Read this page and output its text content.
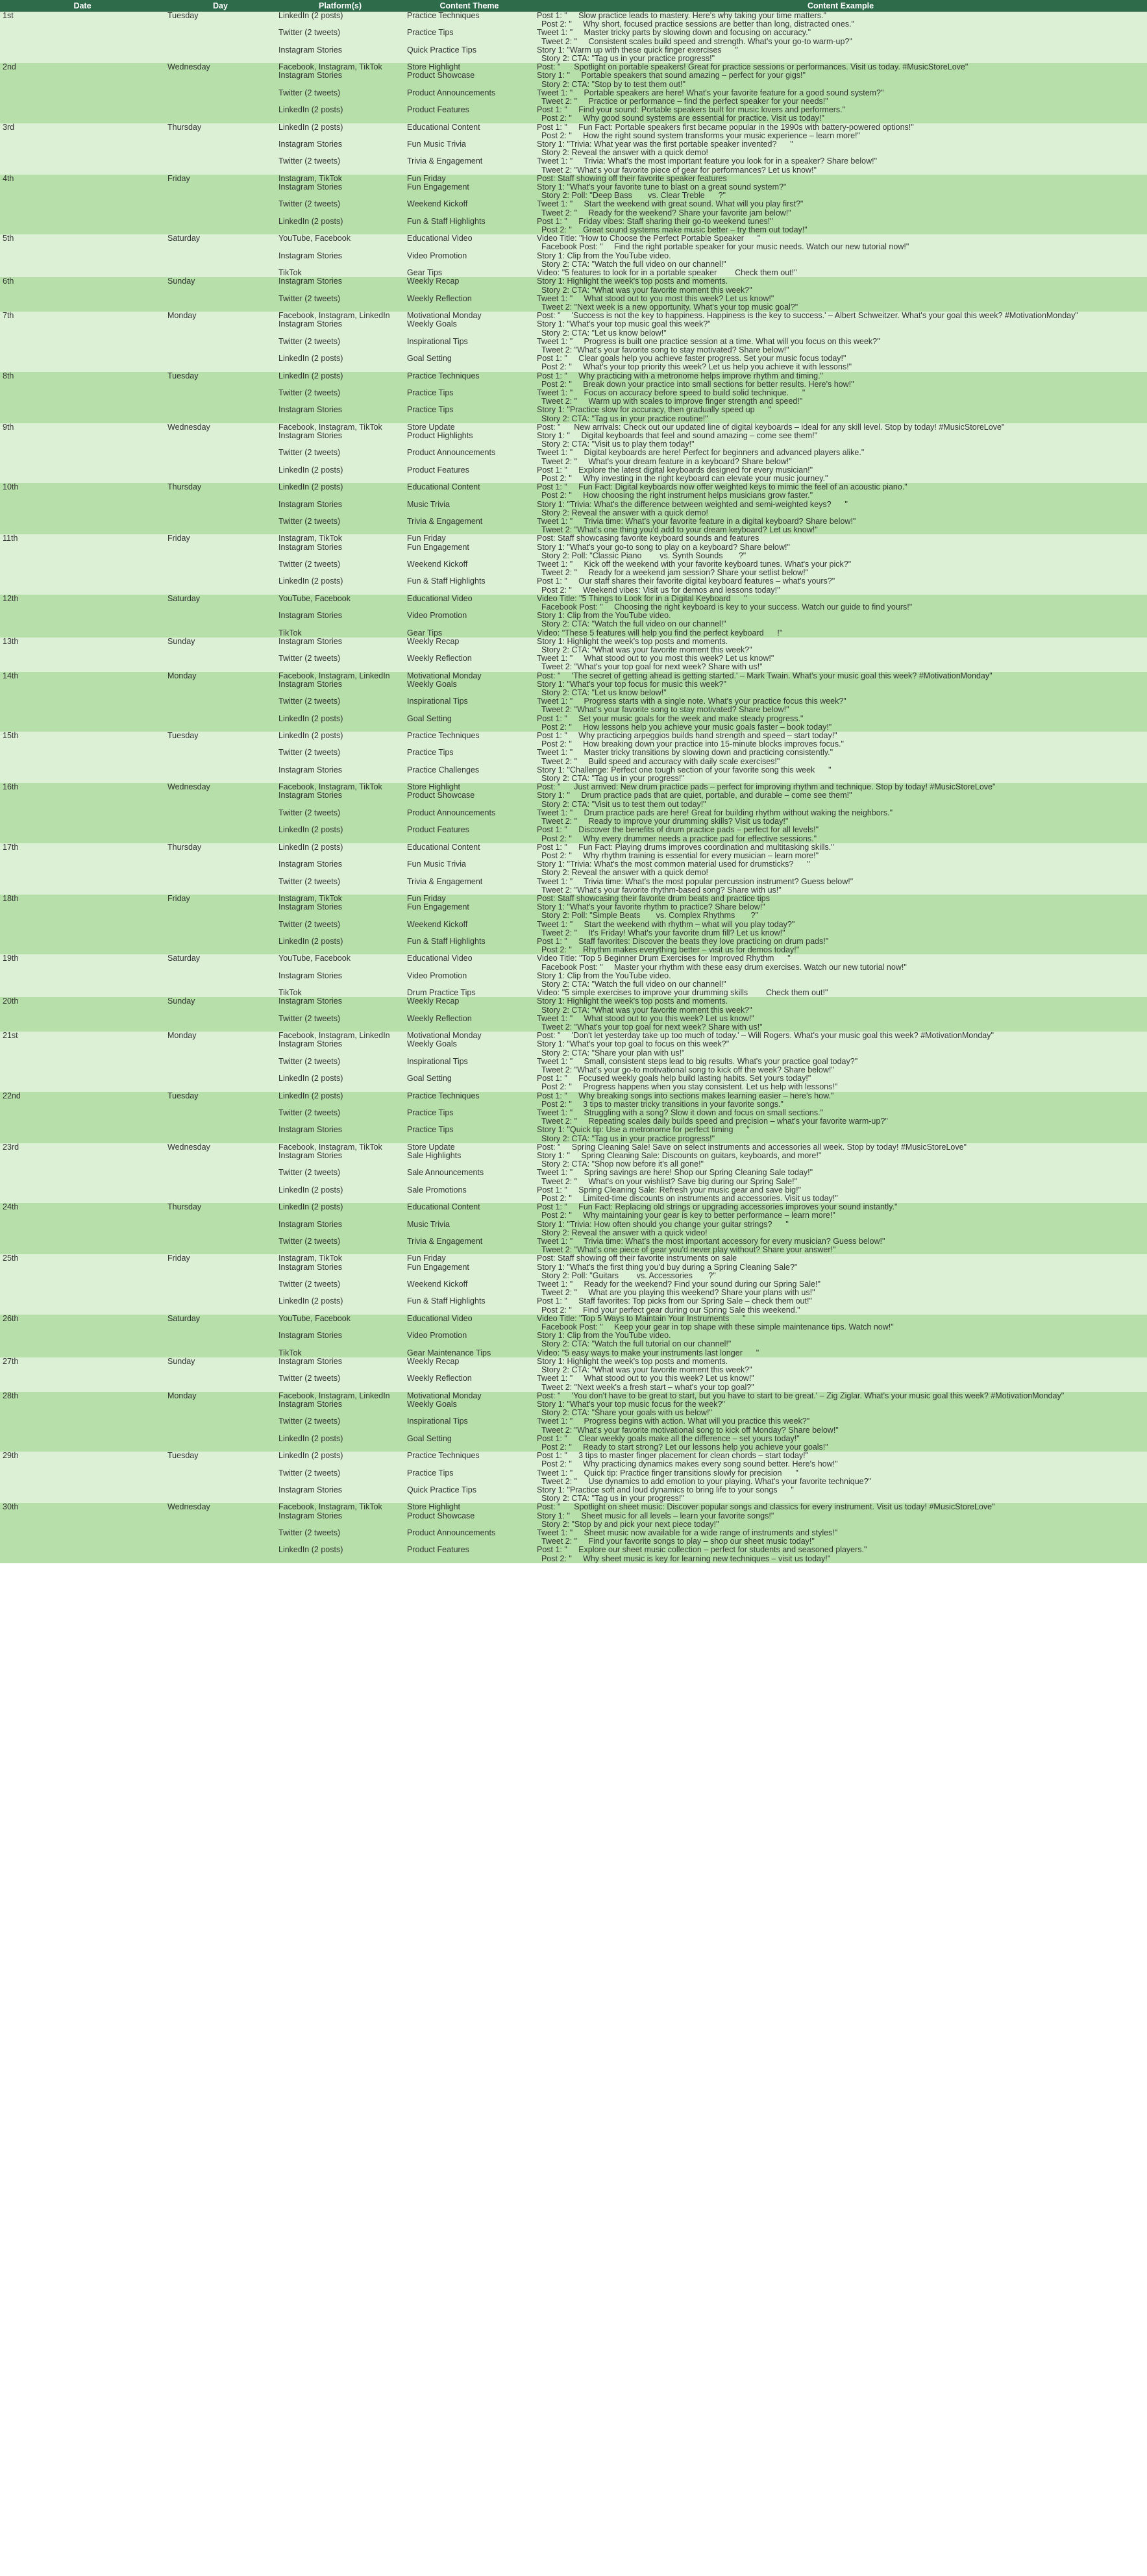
Date	Day	Platform(s)	Content Theme	Content Example
1st	Tuesday	LinkedIn (2 posts)	Practice Techniques	Post 1: "     Slow practice leads to mastery. Here's why taking your time matters."
Post 2: "     Why short, focused practice sessions are better than long, distracted ones."
		Twitter (2 tweets)	Practice Tips	Tweet 1: "     Master tricky parts by slowing down and focusing on accuracy."
Tweet 2: "     Consistent scales build speed and strength. What's your go-to warm-up?"
		Instagram Stories	Quick Practice Tips	Story 1: "Warm up with these quick finger exercises      "
Story 2: CTA: "Tag us in your practice progress!"
2nd	Wednesday	Facebook, Instagram, TikTok	Store Highlight	Post: "      Spotlight on portable speakers! Great for practice sessions or performances. Visit us today. #MusicStoreLove"
		Instagram Stories	Product Showcase	Story 1: "     Portable speakers that sound amazing – perfect for your gigs!"
Story 2: CTA: "Stop by to test them out!"
		Twitter (2 tweets)	Product Announcements	Tweet 1: "     Portable speakers are here! What's your favorite feature for a good sound system?"
Tweet 2: "     Practice or performance – find the perfect speaker for your needs!"
		LinkedIn (2 posts)	Product Features	Post 1: "     Find your sound: Portable speakers built for music lovers and performers."
Post 2: "     Why good sound systems are essential for practice. Visit us today!"
3rd	Thursday	LinkedIn (2 posts)	Educational Content	Post 1: "     Fun Fact: Portable speakers first became popular in the 1990s with battery-powered options!"
Post 2: "     How the right sound system transforms your music experience – learn more!"
		Instagram Stories	Fun Music Trivia	Story 1: "Trivia: What year was the first portable speaker invented?      "
Story 2: Reveal the answer with a quick demo!
		Twitter (2 tweets)	Trivia & Engagement	Tweet 1: "     Trivia: What's the most important feature you look for in a speaker? Share below!"
Tweet 2: "What's your favorite piece of gear for performances? Let us know!"
4th	Friday	Instagram, TikTok	Fun Friday	Post: Staff showing off their favorite speaker features
		Instagram Stories	Fun Engagement	Story 1: "What's your favorite tune to blast on a great sound system?"
Story 2: Poll: "Deep Bass       vs. Clear Treble      ?"
		Twitter (2 tweets)	Weekend Kickoff	Tweet 1: "     Start the weekend with great sound. What will you play first?"
Tweet 2: "     Ready for the weekend? Share your favorite jam below!"
		LinkedIn (2 posts)	Fun & Staff Highlights	Post 1: "     Friday vibes: Staff sharing their go-to weekend tunes!"
Post 2: "     Great sound systems make music better – try them out today!"
5th	Saturday	YouTube, Facebook	Educational Video	Video Title: "How to Choose the Perfect Portable Speaker      "
Facebook Post: "     Find the right portable speaker for your music needs. Watch our new tutorial now!"
		Instagram Stories	Video Promotion	Story 1: Clip from the YouTube video.
Story 2: CTA: "Watch the full video on our channel!"
		TikTok	Gear Tips	Video: "5 features to look for in a portable speaker        Check them out!"
6th	Sunday	Instagram Stories	Weekly Recap	Story 1: Highlight the week's top posts and moments.
Story 2: CTA: "What was your favorite moment this week?"
		Twitter (2 tweets)	Weekly Reflection	Tweet 1: "     What stood out to you most this week? Let us know!"
Tweet 2: "Next week is a new opportunity. What's your top music goal?"
7th	Monday	Facebook, Instagram, LinkedIn	Motivational Monday	Post: "     'Success is not the key to happiness. Happiness is the key to success.' – Albert Schweitzer. What's your goal this week? #MotivationMonday"
		Instagram Stories	Weekly Goals	Story 1: "What's your top music goal this week?"
Story 2: CTA: "Let us know below!"
		Twitter (2 tweets)	Inspirational Tips	Tweet 1: "     Progress is built one practice session at a time. What will you focus on this week?"
Tweet 2: "What's your favorite song to stay motivated? Share below!"
		LinkedIn (2 posts)	Goal Setting	Post 1: "     Clear goals help you achieve faster progress. Set your music focus today!"
Post 2: "     What's your top priority this week? Let us help you achieve it with lessons!"
8th	Tuesday	LinkedIn (2 posts)	Practice Techniques	Post 1: "     Why practicing with a metronome helps improve rhythm and timing."
Post 2: "     Break down your practice into small sections for better results. Here's how!"
		Twitter (2 tweets)	Practice Tips	Tweet 1: "     Focus on accuracy before speed to build solid technique.      "
Tweet 2: "     Warm up with scales to improve finger strength and speed!"
		Instagram Stories	Practice Tips	Story 1: "Practice slow for accuracy, then gradually speed up      "
Story 2: CTA: "Tag us in your practice routine!"
9th	Wednesday	Facebook, Instagram, TikTok	Store Update	Post: "      New arrivals: Check out our updated line of digital keyboards – ideal for any skill level. Stop by today! #MusicStoreLove"
		Instagram Stories	Product Highlights	Story 1: "     Digital keyboards that feel and sound amazing – come see them!"
Story 2: CTA: "Visit us to play them today!"
		Twitter (2 tweets)	Product Announcements	Tweet 1: "     Digital keyboards are here! Perfect for beginners and advanced players alike."
Tweet 2: "     What's your dream feature in a keyboard? Share below!"
		LinkedIn (2 posts)	Product Features	Post 1: "     Explore the latest digital keyboards designed for every musician!"
Post 2: "     Why investing in the right keyboard can elevate your music journey."
10th	Thursday	LinkedIn (2 posts)	Educational Content	Post 1: "     Fun Fact: Digital keyboards now offer weighted keys to mimic the feel of an acoustic piano."
Post 2: "     How choosing the right instrument helps musicians grow faster."
		Instagram Stories	Music Trivia	Story 1: "Trivia: What's the difference between weighted and semi-weighted keys?      "
Story 2: Reveal the answer with a quick demo!
		Twitter (2 tweets)	Trivia & Engagement	Tweet 1: "     Trivia time: What's your favorite feature in a digital keyboard? Share below!"
Tweet 2: "What's one thing you'd add to your dream keyboard? Let us know!"
11th	Friday	Instagram, TikTok	Fun Friday	Post: Staff showcasing favorite keyboard sounds and features
		Instagram Stories	Fun Engagement	Story 1: "What's your go-to song to play on a keyboard? Share below!"
Story 2: Poll: "Classic Piano        vs. Synth Sounds       ?"
		Twitter (2 tweets)	Weekend Kickoff	Tweet 1: "     Kick off the weekend with your favorite keyboard tunes. What's your pick?"
Tweet 2: "     Ready for a weekend jam session? Share your setlist below!"
		LinkedIn (2 posts)	Fun & Staff Highlights	Post 1: "     Our staff shares their favorite digital keyboard features – what's yours?"
Post 2: "     Weekend vibes: Visit us for demos and lessons today!"
12th	Saturday	YouTube, Facebook	Educational Video	Video Title: "5 Things to Look for in a Digital Keyboard      "
Facebook Post: "     Choosing the right keyboard is key to your success. Watch our guide to find yours!"
		Instagram Stories	Video Promotion	Story 1: Clip from the YouTube video.
Story 2: CTA: "Watch the full video on our channel!"
		TikTok	Gear Tips	Video: "These 5 features will help you find the perfect keyboard      !"
13th	Sunday	Instagram Stories	Weekly Recap	Story 1: Highlight the week's top posts and moments.
Story 2: CTA: "What was your favorite moment this week?"
		Twitter (2 tweets)	Weekly Reflection	Tweet 1: "     What stood out to you most this week? Let us know!"
Tweet 2: "What's your top goal for next week? Share with us!"
14th	Monday	Facebook, Instagram, LinkedIn	Motivational Monday	Post: "     'The secret of getting ahead is getting started.' – Mark Twain. What's your music goal this week? #MotivationMonday"
		Instagram Stories	Weekly Goals	Story 1: "What's your top focus for music this week?"
Story 2: CTA: "Let us know below!"
		Twitter (2 tweets)	Inspirational Tips	Tweet 1: "     Progress starts with a single note. What's your practice focus this week?"
Tweet 2: "What's your favorite song to stay motivated? Share below!"
		LinkedIn (2 posts)	Goal Setting	Post 1: "     Set your music goals for the week and make steady progress."
Post 2: "     How lessons help you achieve your music goals faster – book today!"
15th	Tuesday	LinkedIn (2 posts)	Practice Techniques	Post 1: "     Why practicing arpeggios builds hand strength and speed – start today!"
Post 2: "     How breaking down your practice into 15-minute blocks improves focus."
		Twitter (2 tweets)	Practice Tips	Tweet 1: "     Master tricky transitions by slowing down and practicing consistently."
Tweet 2: "     Build speed and accuracy with daily scale exercises!"
		Instagram Stories	Practice Challenges	Story 1: "Challenge: Perfect one tough section of your favorite song this week      "
Story 2: CTA: "Tag us in your progress!"
16th	Wednesday	Facebook, Instagram, TikTok	Store Highlight	Post: "      Just arrived: New drum practice pads – perfect for improving rhythm and technique. Stop by today! #MusicStoreLove"
		Instagram Stories	Product Showcase	Story 1: "     Drum practice pads that are quiet, portable, and durable – come see them!"
Story 2: CTA: "Visit us to test them out today!"
		Twitter (2 tweets)	Product Announcements	Tweet 1: "     Drum practice pads are here! Great for building rhythm without waking the neighbors."
Tweet 2: "     Ready to improve your drumming skills? Visit us today!"
		LinkedIn (2 posts)	Product Features	Post 1: "     Discover the benefits of drum practice pads – perfect for all levels!"
Post 2: "     Why every drummer needs a practice pad for effective sessions."
17th	Thursday	LinkedIn (2 posts)	Educational Content	Post 1: "     Fun Fact: Playing drums improves coordination and multitasking skills."
Post 2: "     Why rhythm training is essential for every musician – learn more!"
		Instagram Stories	Fun Music Trivia	Story 1: "Trivia: What's the most common material used for drumsticks?      "
Story 2: Reveal the answer with a quick demo!
		Twitter (2 tweets)	Trivia & Engagement	Tweet 1: "     Trivia time: What's the most popular percussion instrument? Guess below!"
Tweet 2: "What's your favorite rhythm-based song? Share with us!"
18th	Friday	Instagram, TikTok	Fun Friday	Post: Staff showcasing their favorite drum beats and practice tips
		Instagram Stories	Fun Engagement	Story 1: "What's your favorite rhythm to practice? Share below!"
Story 2: Poll: "Simple Beats       vs. Complex Rhythms       ?"
		Twitter (2 tweets)	Weekend Kickoff	Tweet 1: "     Start the weekend with rhythm – what will you play today?"
Tweet 2: "     It's Friday! What's your favorite drum fill? Let us know!"
		LinkedIn (2 posts)	Fun & Staff Highlights	Post 1: "     Staff favorites: Discover the beats they love practicing on drum pads!"
Post 2: "     Rhythm makes everything better – visit us for demos today!"
19th	Saturday	YouTube, Facebook	Educational Video	Video Title: "Top 5 Beginner Drum Exercises for Improved Rhythm      "
Facebook Post: "     Master your rhythm with these easy drum exercises. Watch our new tutorial now!"
		Instagram Stories	Video Promotion	Story 1: Clip from the YouTube video.
Story 2: CTA: "Watch the full video on our channel!"
		TikTok	Drum Practice Tips	Video: "5 simple exercises to improve your drumming skills        Check them out!"
20th	Sunday	Instagram Stories	Weekly Recap	Story 1: Highlight the week's top posts and moments.
Story 2: CTA: "What was your favorite moment this week?"
		Twitter (2 tweets)	Weekly Reflection	Tweet 1: "     What stood out to you this week? Let us know!"
Tweet 2: "What's your top goal for next week? Share with us!"
21st	Monday	Facebook, Instagram, LinkedIn	Motivational Monday	Post: "     'Don't let yesterday take up too much of today.' – Will Rogers. What's your music goal this week? #MotivationMonday"
		Instagram Stories	Weekly Goals	Story 1: "What's your top goal to focus on this week?"
Story 2: CTA: "Share your plan with us!"
		Twitter (2 tweets)	Inspirational Tips	Tweet 1: "     Small, consistent steps lead to big results. What's your practice goal today?"
Tweet 2: "What's your go-to motivational song to kick off the week? Share below!"
		LinkedIn (2 posts)	Goal Setting	Post 1: "     Focused weekly goals help build lasting habits. Set yours today!"
Post 2: "     Progress happens when you stay consistent. Let us help with lessons!"
22nd	Tuesday	LinkedIn (2 posts)	Practice Techniques	Post 1: "     Why breaking songs into sections makes learning easier – here's how."
Post 2: "     3 tips to master tricky transitions in your favorite songs."
		Twitter (2 tweets)	Practice Tips	Tweet 1: "     Struggling with a song? Slow it down and focus on small sections."
Tweet 2: "     Repeating scales daily builds speed and precision – what's your favorite warm-up?"
		Instagram Stories	Practice Tips	Story 1: "Quick tip: Use a metronome for perfect timing      "
Story 2: CTA: "Tag us in your practice progress!"
23rd	Wednesday	Facebook, Instagram, TikTok	Store Update	Post: "     Spring Cleaning Sale! Save on select instruments and accessories all week. Stop by today! #MusicStoreLove"
		Instagram Stories	Sale Highlights	Story 1: "     Spring Cleaning Sale: Discounts on guitars, keyboards, and more!"
Story 2: CTA: "Shop now before it's all gone!"
		Twitter (2 tweets)	Sale Announcements	Tweet 1: "     Spring savings are here! Shop our Spring Cleaning Sale today!"
Tweet 2: "     What's on your wishlist? Save big during our Spring Sale!"
		LinkedIn (2 posts)	Sale Promotions	Post 1: "     Spring Cleaning Sale: Refresh your music gear and save big!"
Post 2: "     Limited-time discounts on instruments and accessories. Visit us today!"
24th	Thursday	LinkedIn (2 posts)	Educational Content	Post 1: "     Fun Fact: Replacing old strings or upgrading accessories improves your sound instantly."
Post 2: "     Why maintaining your gear is key to better performance – learn more!"
		Instagram Stories	Music Trivia	Story 1: "Trivia: How often should you change your guitar strings?      "
Story 2: Reveal the answer with a quick video!
		Twitter (2 tweets)	Trivia & Engagement	Tweet 1: "     Trivia time: What's the most important accessory for every musician? Guess below!"
Tweet 2: "What's one piece of gear you'd never play without? Share your answer!"
25th	Friday	Instagram, TikTok	Fun Friday	Post: Staff showing off their favorite instruments on sale
		Instagram Stories	Fun Engagement	Story 1: "What's the first thing you'd buy during a Spring Cleaning Sale?"
Story 2: Poll: "Guitars        vs. Accessories       ?"
		Twitter (2 tweets)	Weekend Kickoff	Tweet 1: "     Ready for the weekend? Find your sound during our Spring Sale!"
Tweet 2: "     What are you playing this weekend? Share your plans with us!"
		LinkedIn (2 posts)	Fun & Staff Highlights	Post 1: "     Staff favorites: Top picks from our Spring Sale – check them out!"
Post 2: "     Find your perfect gear during our Spring Sale this weekend."
26th	Saturday	YouTube, Facebook	Educational Video	Video Title: "Top 5 Ways to Maintain Your Instruments      "
Facebook Post: "     Keep your gear in top shape with these simple maintenance tips. Watch now!"
		Instagram Stories	Video Promotion	Story 1: Clip from the YouTube video.
Story 2: CTA: "Watch the full tutorial on our channel!"
		TikTok	Gear Maintenance Tips	Video: "5 easy ways to make your instruments last longer      "
27th	Sunday	Instagram Stories	Weekly Recap	Story 1: Highlight the week's top posts and moments.
Story 2: CTA: "What was your favorite moment this week?"
		Twitter (2 tweets)	Weekly Reflection	Tweet 1: "     What stood out to you this week? Let us know!"
Tweet 2: "Next week's a fresh start – what's your top goal?"
28th	Monday	Facebook, Instagram, LinkedIn	Motivational Monday	Post: "     'You don't have to be great to start, but you have to start to be great.' – Zig Ziglar. What's your music goal this week? #MotivationMonday"
		Instagram Stories	Weekly Goals	Story 1: "What's your top music focus for the week?"
Story 2: CTA: "Share your goals with us below!"
		Twitter (2 tweets)	Inspirational Tips	Tweet 1: "     Progress begins with action. What will you practice this week?"
Tweet 2: "What's your favorite motivational song to kick off Monday? Share below!"
		LinkedIn (2 posts)	Goal Setting	Post 1: "     Clear weekly goals make all the difference – set yours today!"
Post 2: "     Ready to start strong? Let our lessons help you achieve your goals!"
29th	Tuesday	LinkedIn (2 posts)	Practice Techniques	Post 1: "     3 tips to master finger placement for clean chords – start today!"
Post 2: "     Why practicing dynamics makes every song sound better. Here's how!"
		Twitter (2 tweets)	Practice Tips	Tweet 1: "     Quick tip: Practice finger transitions slowly for precision      "
Tweet 2: "     Use dynamics to add emotion to your playing. What's your favorite technique?"
		Instagram Stories	Quick Practice Tips	Story 1: "Practice soft and loud dynamics to bring life to your songs      "
Story 2: CTA: "Tag us in your progress!"
30th	Wednesday	Facebook, Instagram, TikTok	Store Highlight	Post: "      Spotlight on sheet music: Discover popular songs and classics for every instrument. Visit us today! #MusicStoreLove"
		Instagram Stories	Product Showcase	Story 1: "     Sheet music for all levels – learn your favorite songs!"
Story 2: "Stop by and pick your next piece today!"
		Twitter (2 tweets)	Product Announcements	Tweet 1: "     Sheet music now available for a wide range of instruments and styles!"
Tweet 2: "     Find your favorite songs to play – shop our sheet music today!"
		LinkedIn (2 posts)	Product Features	Post 1: "     Explore our sheet music collection – perfect for students and seasoned players."
Post 2: "     Why sheet music is key for learning new techniques – visit us today!"
